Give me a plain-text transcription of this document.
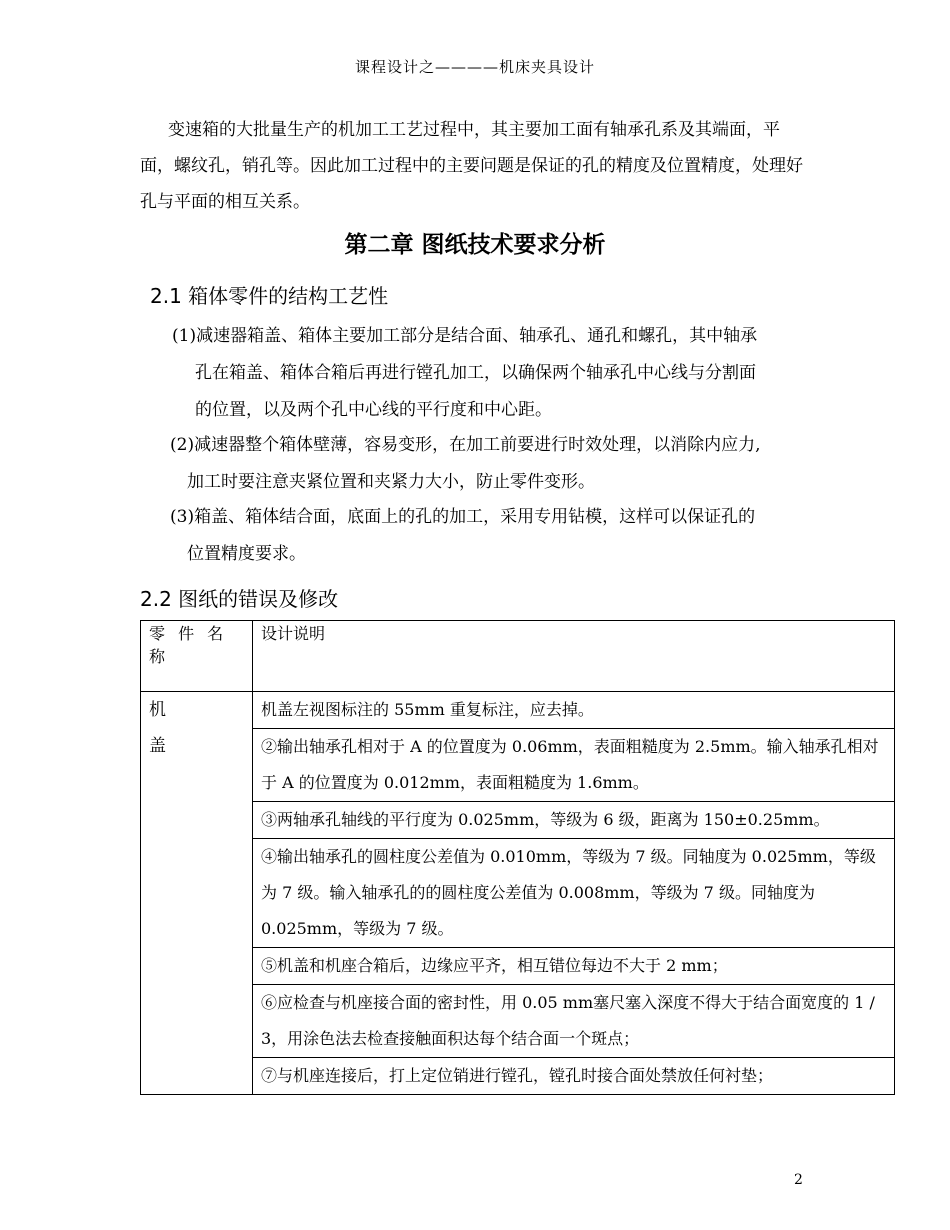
课程设计之————机床夹具设计
变速箱的大批量生产的机加工工艺过程中，其主要加工面有轴承孔系及其端面，平面，螺纹孔，销孔等。因此加工过程中的主要问题是保证的孔的精度及位置精度，处理好孔与平面的相互关系。
第二章 图纸技术要求分析
2.1 箱体零件的结构工艺性
(1)减速器箱盖、箱体主要加工部分是结合面、轴承孔、通孔和螺孔，其中轴承
孔在箱盖、箱体合箱后再进行镗孔加工，以确保两个轴承孔中心线与分割面
的位置，以及两个孔中心线的平行度和中心距。
(2)减速器整个箱体壁薄，容易变形，在加工前要进行时效处理，以消除内应力,
加工时要注意夹紧位置和夹紧力大小，防止零件变形。
(3)箱盖、箱体结合面，底面上的孔的加工，采用专用钻模，这样可以保证孔的
位置精度要求。
2.2 图纸的错误及修改
零 件 名 称	设计说明

机
盖	机盖左视图标注的 55mm 重复标注，应去掉。
	②输出轴承孔相对于 A 的位置度为 0.06mm，表面粗糙度为 2.5mm。输入轴承孔相对于 A 的位置度为 0.012mm，表面粗糙度为 1.6mm。
	③两轴承孔轴线的平行度为 0.025mm，等级为 6 级，距离为 150±0.25mm。
	④输出轴承孔的圆柱度公差值为 0.010mm，等级为 7 级。同轴度为 0.025mm，等级为 7 级。输入轴承孔的的圆柱度公差值为 0.008mm，等级为 7 级。同轴度为 0.025mm，等级为 7 级。
	⑤机盖和机座合箱后，边缘应平齐，相互错位每边不大于 2 mm；
	⑥应检查与机座接合面的密封性，用 0.05 mm塞尺塞入深度不得大于结合面宽度的 1 / 3，用涂色法去检查接触面积达每个结合面一个斑点；
	⑦与机座连接后，打上定位销进行镗孔，镗孔时接合面处禁放任何衬垫；
2
